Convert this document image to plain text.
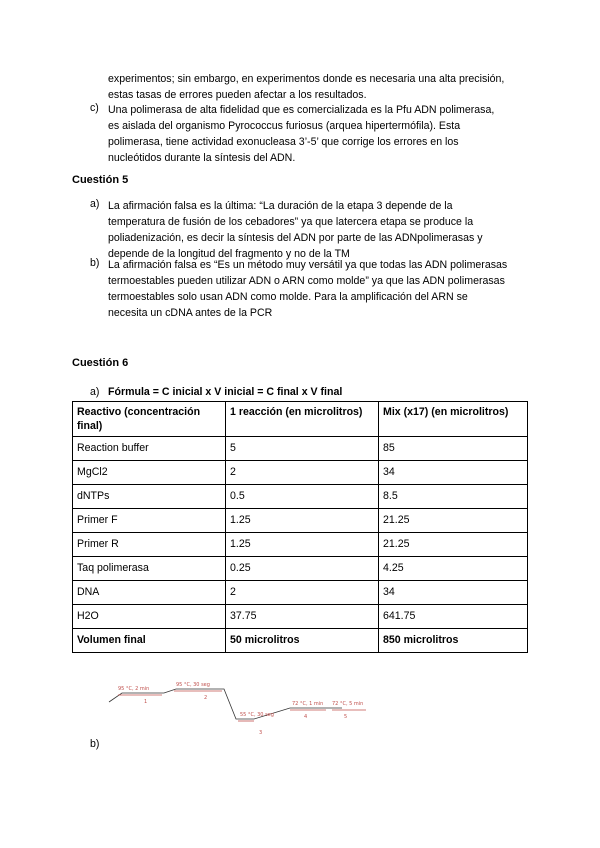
experimentos; sin embargo, en experimentos donde es necesaria una alta precisión,

estas tasas de errores pueden afectar a los resultados.

c) Una polimerasa de alta fidelidad que es comercializada es la Pfu ADN polimerasa,

es aislada del organismo Pyrococcus furiosus (arquea hipertermófila). Esta

polimerasa, tiene actividad exonucleasa 3’-5’ que corrige los errores en los

nucleótidos durante la síntesis del ADN.

Cuestión 5
a) La afirmación falsa es la última: “La duración de la etapa 3 depende de la

temperatura de fusión de los cebadores” ya que latercera etapa se produce la

poliadenización, es decir la síntesis del ADN por parte de las ADNpolimerasas y

depende de la longitud del fragmento y no de la TM

b) La afirmación falsa es “Es un método muy versátil ya que todas las ADN polimerasas

termoestables pueden utilizar ADN o ARN como molde” ya que las ADN polimerasas

termoestables solo usan ADN como molde. Para la amplificación del ARN se

necesita un cDNA antes de la PCR

Cuestión 6
a) Fórmula = C inicial x V inicial = C final x V final
Reactivo (concentración final)	1 reacción (en microlitros)	Mix (x17) (en microlitros)
Reaction buffer	5	85
MgCl2	2	34
dNTPs	0.5	8.5
Primer F	1.25	21.25
Primer R	1.25	21.25
Taq polimerasa	0.25	4.25
DNA	2	34
H2O	37.75	641.75
Volumen final	50 microlitros	850 microlitros
95 °C, 2 min
95 °C, 30 seg
55 °C, 30 seg
72 °C, 1 min 72 °C, 5 min
1
2
3
4	5
b)
